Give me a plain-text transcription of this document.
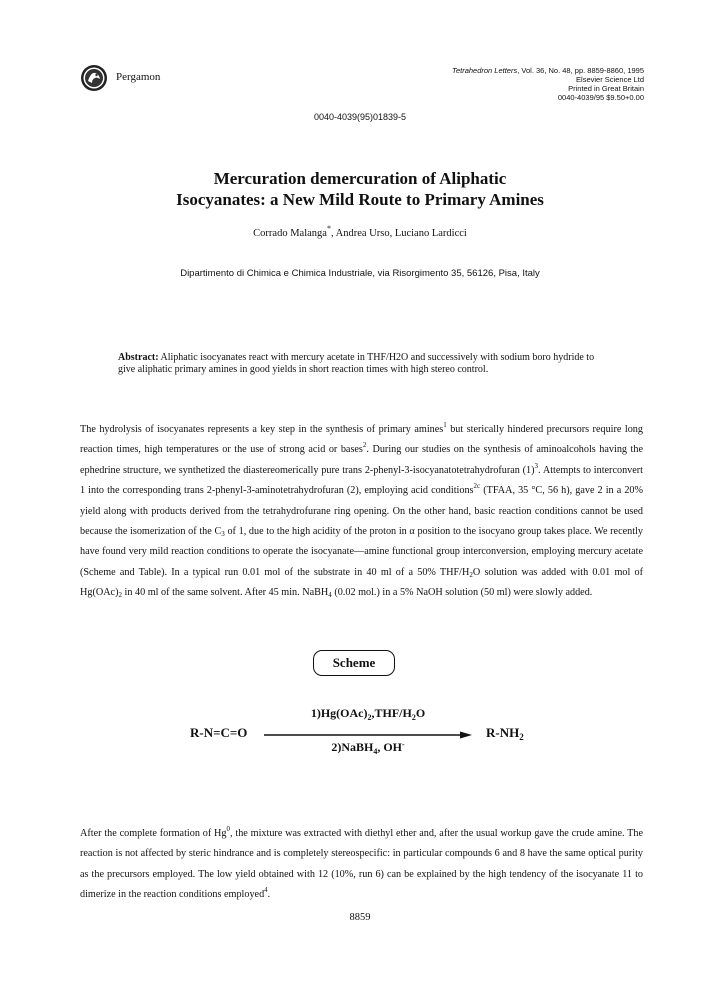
Pergamon
Tetrahedron Letters, Vol. 36, No. 48, pp. 8859-8860, 1995
Elsevier Science Ltd
Printed in Great Britain
0040-4039/95 $9.50+0.00
0040-4039(95)01839-5
Mercuration demercuration of Aliphatic
Isocyanates: a New Mild Route to Primary Amines
Corrado Malanga*, Andrea Urso, Luciano Lardicci
Dipartimento di Chimica e Chimica Industriale, via Risorgimento 35, 56126, Pisa, Italy
Abstract: Aliphatic isocyanates react with mercury acetate in THF/H2O and successively with sodium boro hydride to give aliphatic primary amines in good yields in short reaction times with high stereo control.
The hydrolysis of isocyanates represents a key step in the synthesis of primary amines$^1$ but sterically hindered precursors require long reaction times, high temperatures or the use of strong acid or bases$^2$. During our studies on the synthesis of aminoalcohols having the ephedrine structure, we synthetized the diastereomerically pure trans 2-phenyl-3-isocyanatotetrahydrofuran $(1)^3$. Attempts to interconvert 1 into the corresponding trans 2-phenyl-3-aminotetrahydrofuran (2), employing acid conditions$^{2c}$ (TFAA, 35 °C, 56 h), gave 2 in a 20% yield along with products derived from the tetrahydrofurane ring opening. On the other hand, basic reaction conditions cannot be used because the isomerization of the $C_3$ of 1, due to the high acidity of the proton in α position to the isocyano group takes place. We recently have found very mild reaction conditions to operate the isocyanate—amine functional group interconversion, employing mercury acetate (Scheme and Table). In a typical run 0.01 mol of the substrate in 40 ml of a 50% THF/$H_2O$ solution was added with 0.01 mol of $Hg(OAc)_2$ in 40 ml of the same solvent. After 45 min. NaBH$_4$ (0.02 mol.) in a 5% NaOH solution (50 ml) were slowly added.
Scheme
R-N=C=O
$1)Hg(OAc)_2,THF/H_2O$
2)NaBH$_4$, OH-
$R-NH_2$
After the complete formation of Hg$^0$, the mixture was extracted with diethyl ether and, after the usual workup gave the crude amine. The reaction is not affected by steric hindrance and is completely stereospecific: in particular compounds 6 and 8 have the same optical purity as the precursors employed. The low yield obtained with 12 (10%, run 6) can be explained by the high tendency of the isocyanate 11 to dimerize in the reaction conditions employed$^4$.
8859
